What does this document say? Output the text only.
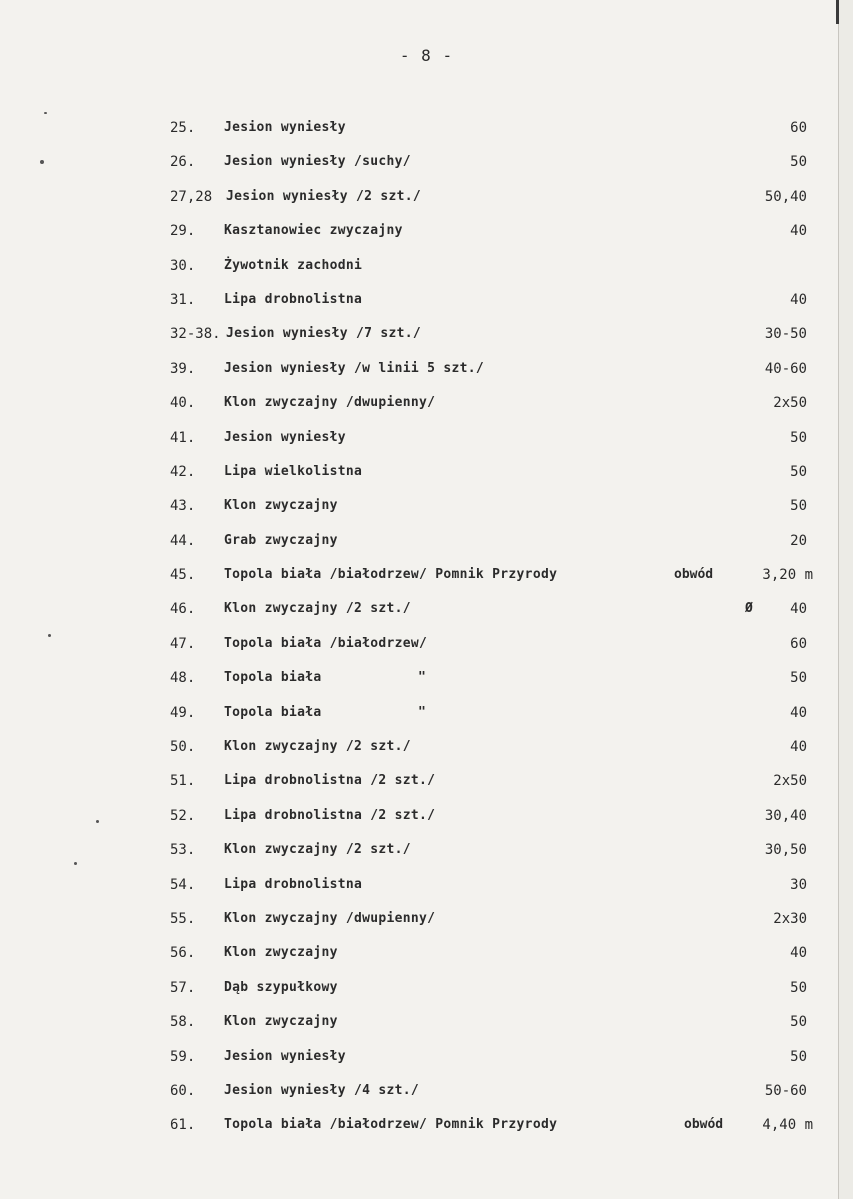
- 8 -
25.	Jesion wyniesły	60
26.	Jesion wyniesły /suchy/	50
27,28	Jesion wyniesły /2 szt./	50,40
29.	Kasztanowiec zwyczajny	40
30.	Żywotnik zachodni
31.	Lipa drobnolistna	40
32-38. Jesion wyniesły /7 szt./	30-50
39.	Jesion wyniesły /w linii 5 szt./	40-60
40.	Klon zwyczajny /dwupienny/	2x50
41.	Jesion wyniesły	50
42.	Lipa wielkolistna	50
43.	Klon zwyczajny	50
44.	Grab zwyczajny	20
45.	Topola biała /białodrzew/ Pomnik Przyrody	obwód	3,20 m
46.	Klon zwyczajny /2 szt./	Ø	40
47.	Topola biała /białodrzew/	60
48.	Topola biała	"	50
49.	Topola biała	"	40
50.	Klon zwyczajny /2 szt./	40
51.	Lipa drobnolistna /2 szt./	2x50
52.	Lipa drobnolistna /2 szt./	30,40
53.	Klon zwyczajny /2 szt./	30,50
54.	Lipa drobnolistna	30
55.	Klon zwyczajny /dwupienny/	2x30
56.	Klon zwyczajny	40
57.	Dąb szypułkowy	50
58.	Klon zwyczajny	50
59.	Jesion wyniesły	50
60.	Jesion wyniesły /4 szt./	50-60
61.	Topola biała /białodrzew/ Pomnik Przyrody	obwód	4,40 m
